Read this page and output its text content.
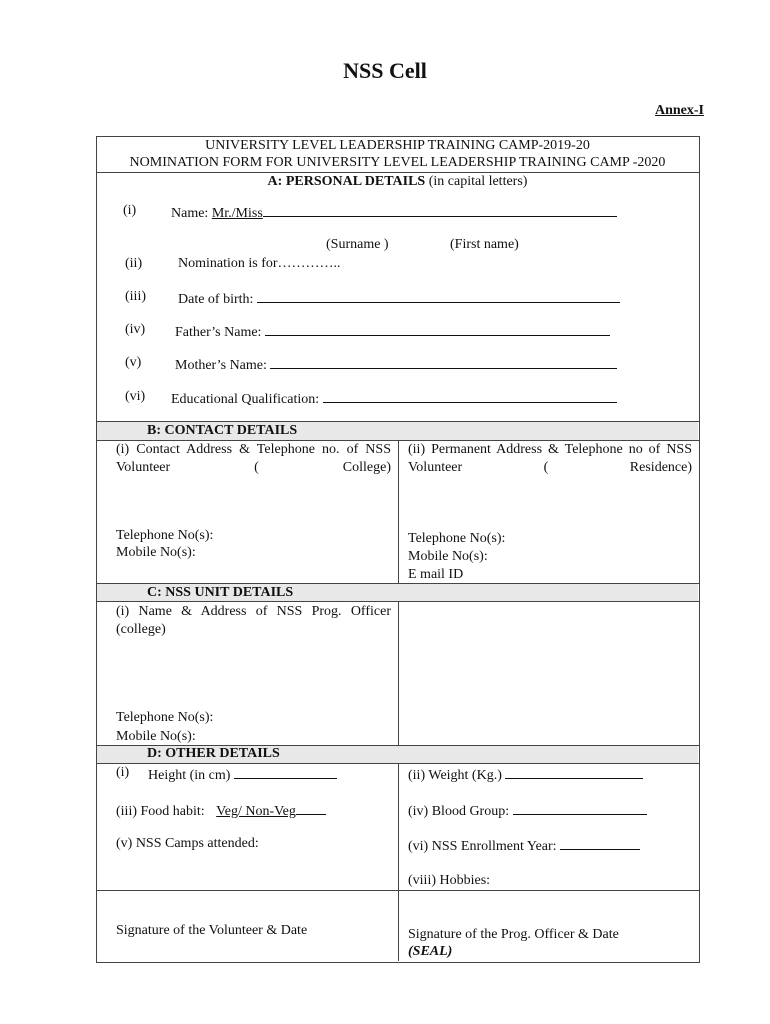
NSS Cell
Annex-I
UNIVERSITY LEVEL LEADERSHIP TRAINING CAMP-2019-20
NOMINATION FORM FOR UNIVERSITY LEVEL LEADERSHIP TRAINING CAMP -2020
A: PERSONAL DETAILS (in capital letters)
(i) Name: Mr./Miss
(Surname )	(First name)
(ii)	Nomination is for…………..
(iii) Date of birth:
(iv) Father’s Name:
(v) Mother’s Name:
(vi) Educational Qualification:
B: CONTACT DETAILS
(i) Contact Address & Telephone no. of NSS Volunteer ( College)
Telephone No(s):
Mobile No(s):
(ii) Permanent Address & Telephone no of NSS Volunteer ( Residence)
Telephone No(s):
Mobile No(s):
E mail ID
C: NSS UNIT DETAILS
(i) Name & Address of NSS Prog. Officer (college)
Telephone No(s):
Mobile No(s):
D: OTHER DETAILS
(i) Height (in cm)	(ii) Weight (Kg.)
(iii) Food habit: Veg/ Non-Veg	(iv) Blood Group:
(v) NSS Camps attended:	(vi) NSS Enrollment Year:
(viii) Hobbies:
Signature of the Volunteer & Date	Signature of the Prog. Officer & Date
(SEAL)
